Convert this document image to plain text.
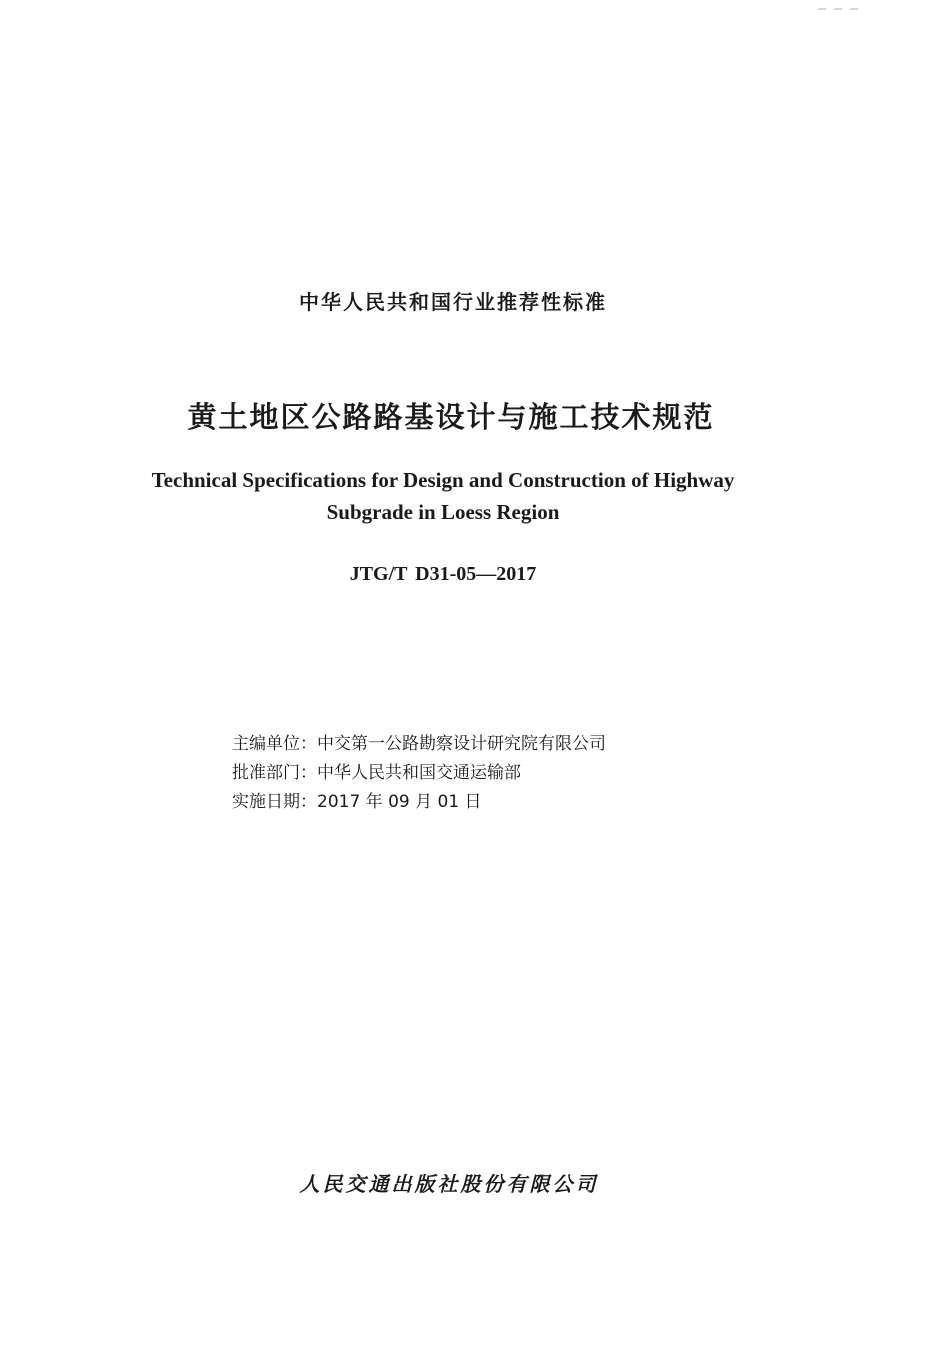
中华人民共和国行业推荐性标准
黄土地区公路路基设计与施工技术规范
Technical Specifications for Design and Construction of Highway
Subgrade in Loess Region
JTG/T D31-05—2017
主编单位：中交第一公路勘察设计研究院有限公司
批准部门：中华人民共和国交通运输部
实施日期：2017 年 09 月 01 日
人民交通出版社股份有限公司
